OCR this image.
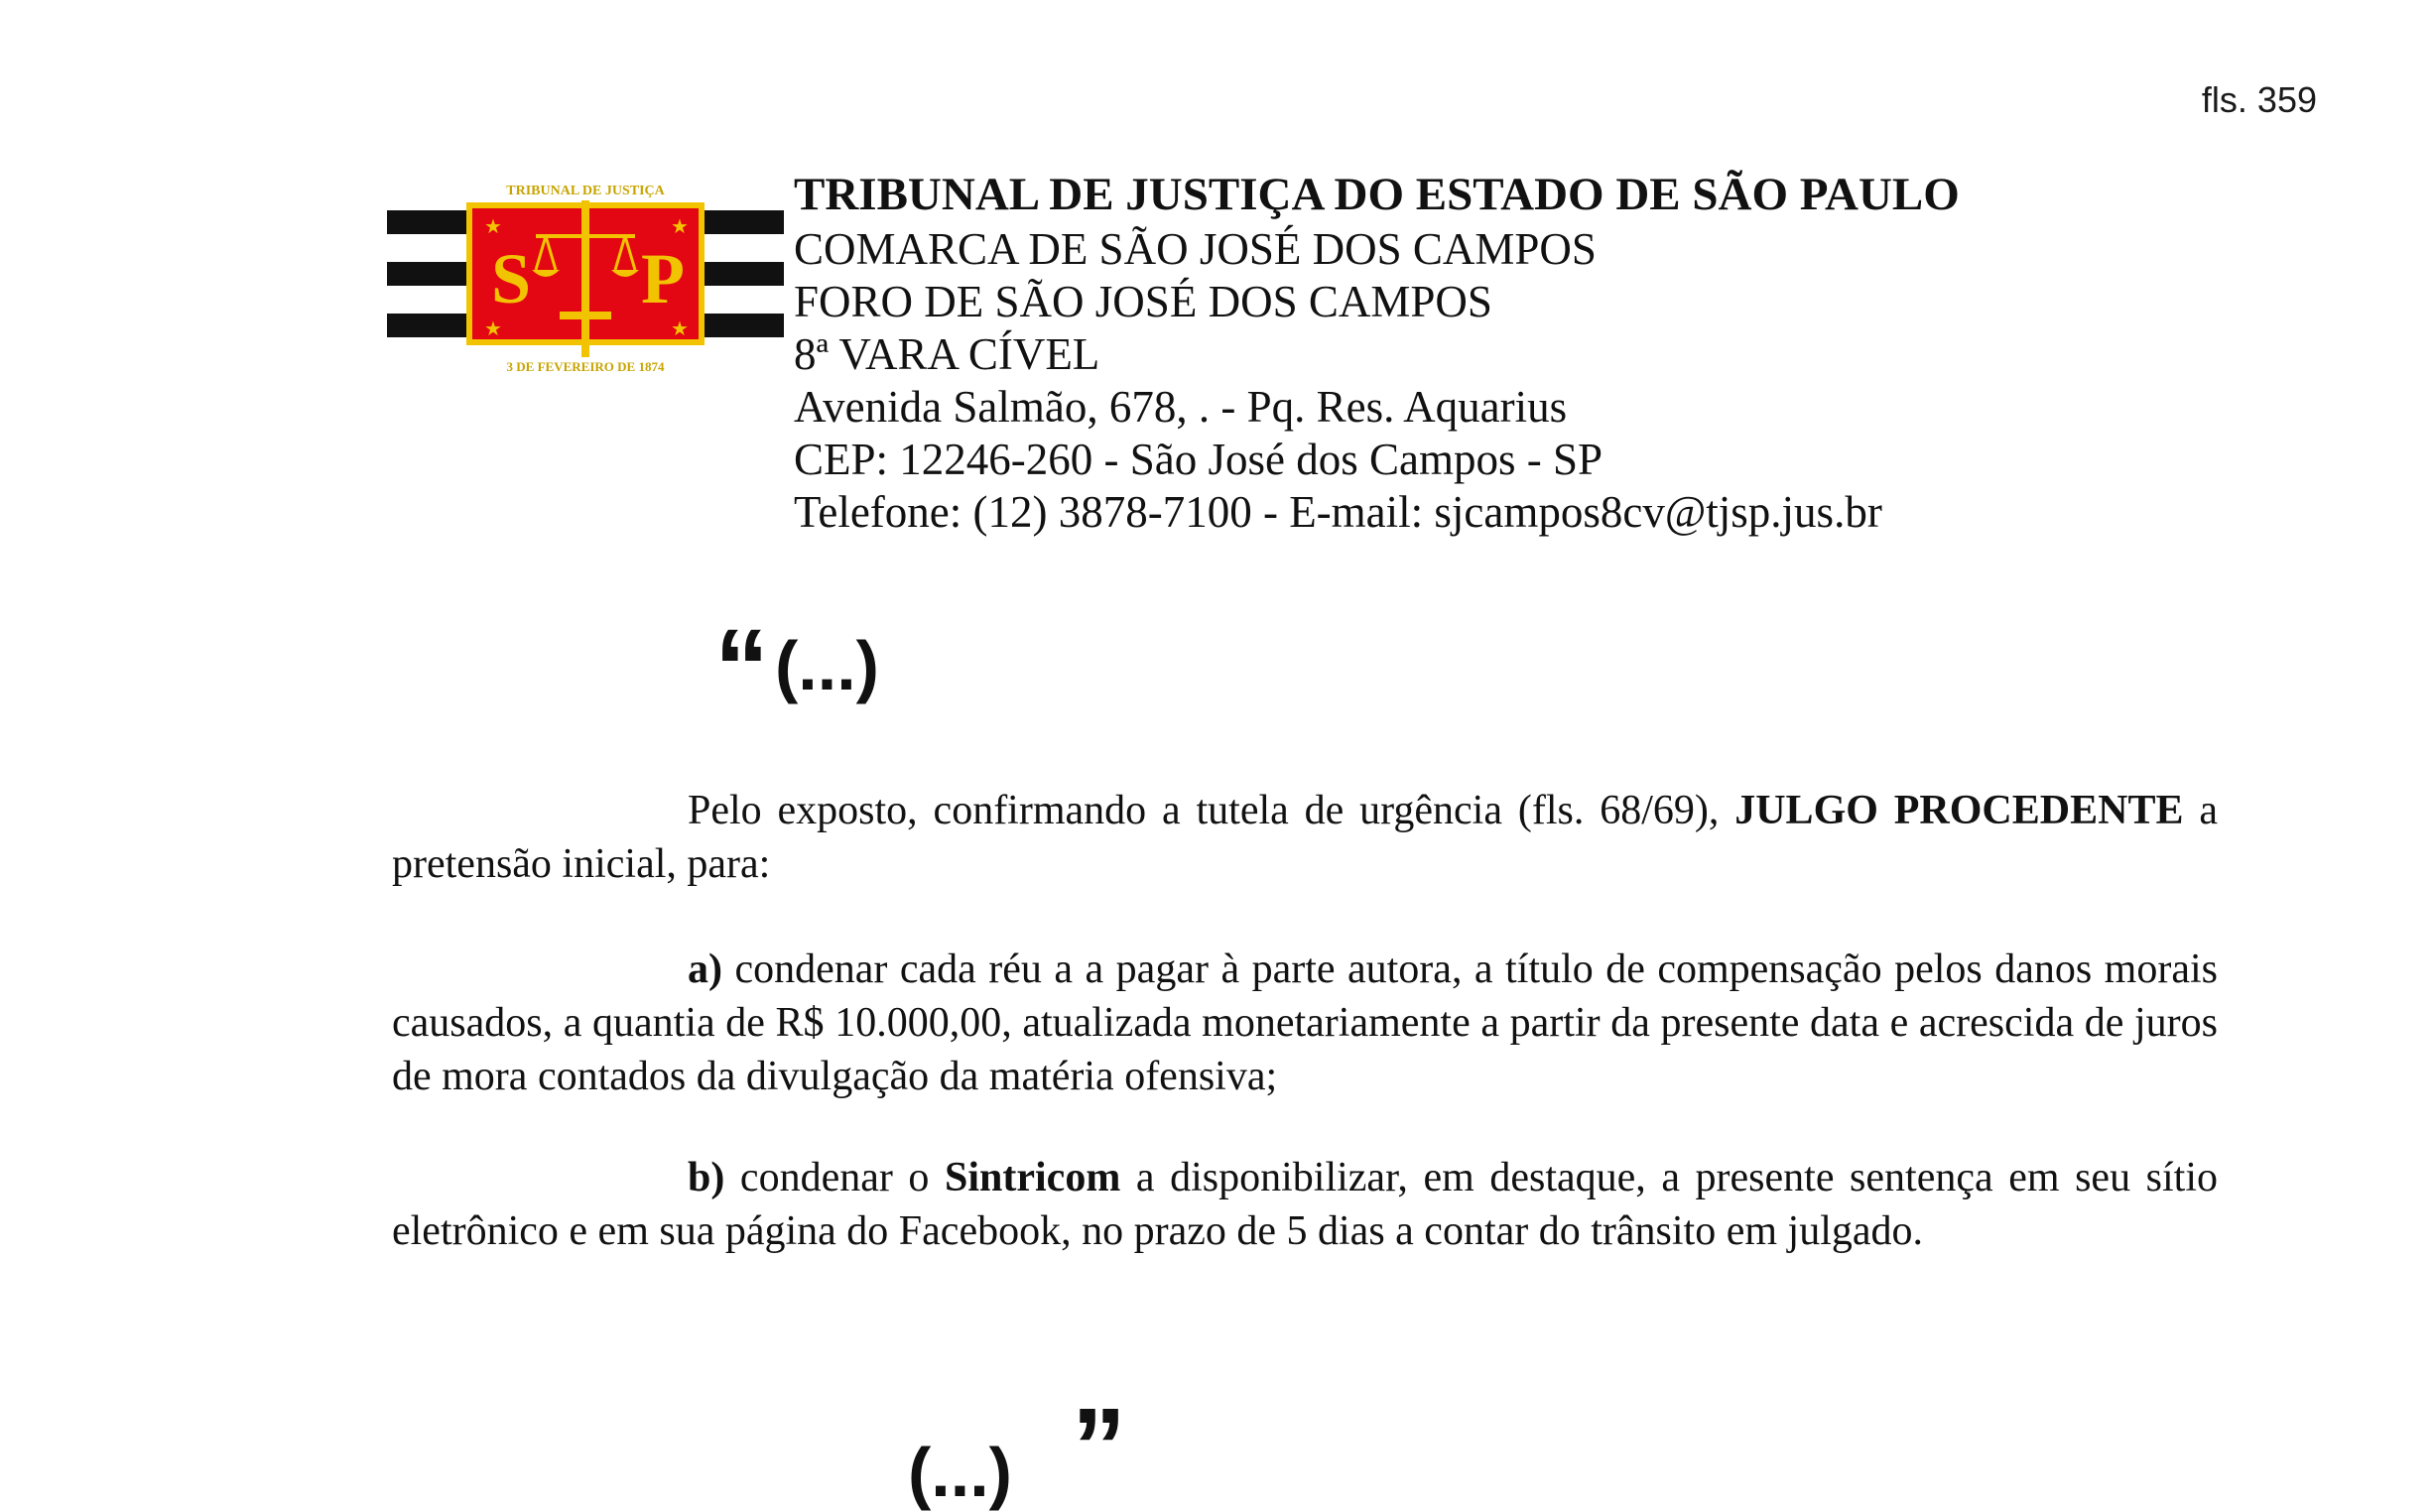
fls. 359
★	★
★	★
S P
TRIBUNAL DE JUSTIÇA
3 DE FEVEREIRO DE 1874
TRIBUNAL DE JUSTIÇA DO ESTADO DE SÃO PAULO
COMARCA DE SÃO JOSÉ DOS CAMPOS
FORO DE SÃO JOSÉ DOS CAMPOS
8ª VARA CÍVEL
Avenida Salmão, 678, . - Pq. Res. Aquarius
CEP: 12246-260 - São José dos Campos - SP
Telefone: (12) 3878-7100 - E-mail: sjcampos8cv@tjsp.jus.br
“(...)
Pelo exposto, confirmando a tutela de urgência (fls. 68/69), JULGO PROCEDENTE a pretensão inicial, para:
a) condenar cada réu a a pagar à parte autora, a título de compensação pelos danos morais causados, a quantia de R$ 10.000,00, atualizada monetariamente a partir da presente data e acrescida de juros de mora contados da divulgação da matéria ofensiva;
b) condenar o Sintricom a disponibilizar, em destaque, a presente sentença em seu sítio eletrônico e em sua página do Facebook, no prazo de 5 dias a contar do trânsito em julgado.
(...) ”
